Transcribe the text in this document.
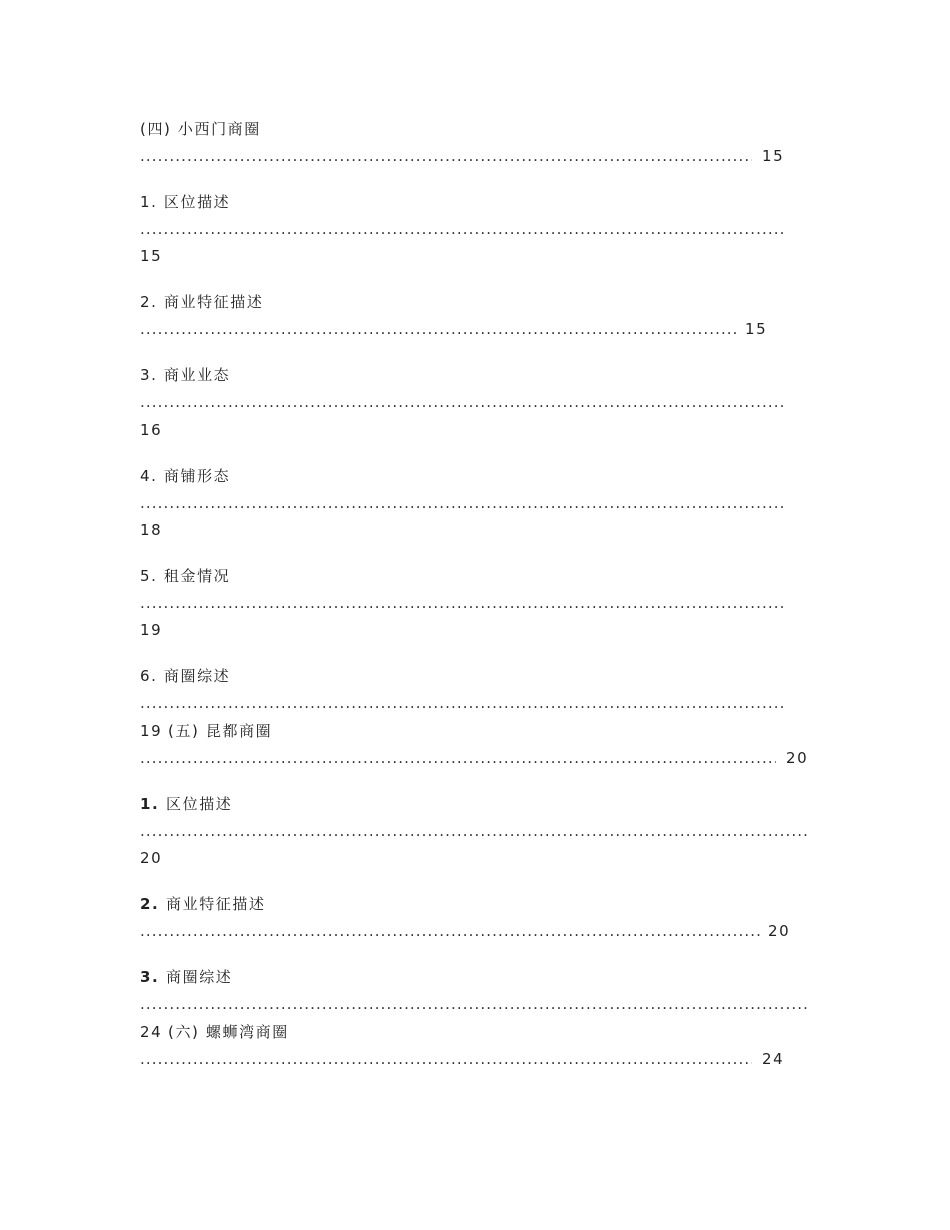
(四) 小西门商圈
.....
15
1. 区位描述
.....
15
2. 商业特征描述
.....
15
3. 商业业态
.....
16
4. 商铺形态
.....
18
5. 租金情况
.....
19
6. 商圈综述
.....
19 (五) 昆都商圈
.....
20
1. 区位描述
.....
20
2. 商业特征描述
.....
20
3. 商圈综述
.....
24 (六) 螺蛳湾商圈
.....
24
